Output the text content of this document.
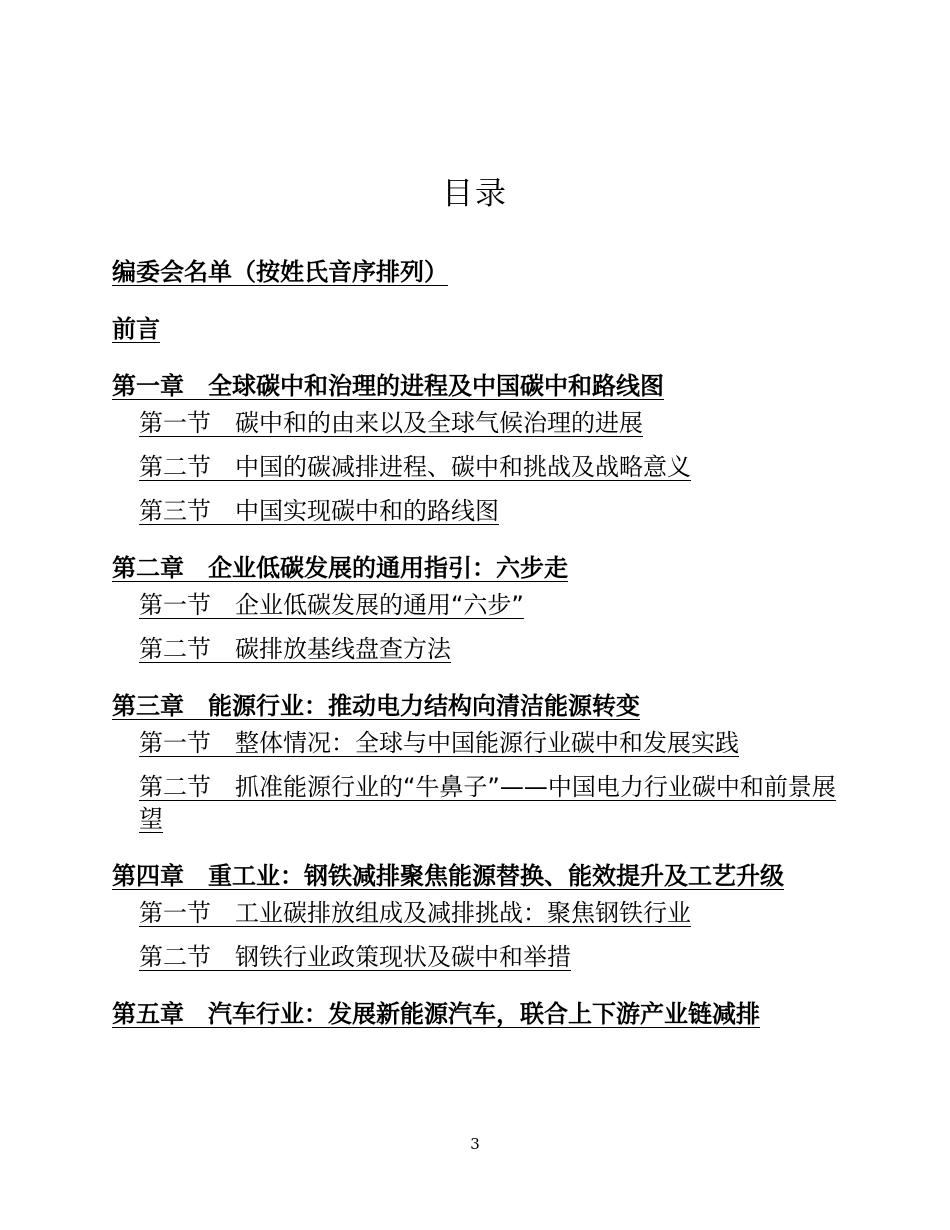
目录
编委会名单（按姓氏音序排列）
前言
第一章　全球碳中和治理的进程及中国碳中和路线图
第一节　碳中和的由来以及全球气候治理的进展
第二节　中国的碳减排进程、碳中和挑战及战略意义
第三节　中国实现碳中和的路线图
第二章　企业低碳发展的通用指引：六步走
第一节　企业低碳发展的通用“六步”
第二节　碳排放基线盘查方法
第三章　能源行业：推动电力结构向清洁能源转变
第一节　整体情况：全球与中国能源行业碳中和发展实践
第二节　抓准能源行业的“牛鼻子”——中国电力行业碳中和前景展望
第四章　重工业：钢铁减排聚焦能源替换、能效提升及工艺升级
第一节　工业碳排放组成及减排挑战：聚焦钢铁行业
第二节　钢铁行业政策现状及碳中和举措
第五章　汽车行业：发展新能源汽车，联合上下游产业链减排
3
